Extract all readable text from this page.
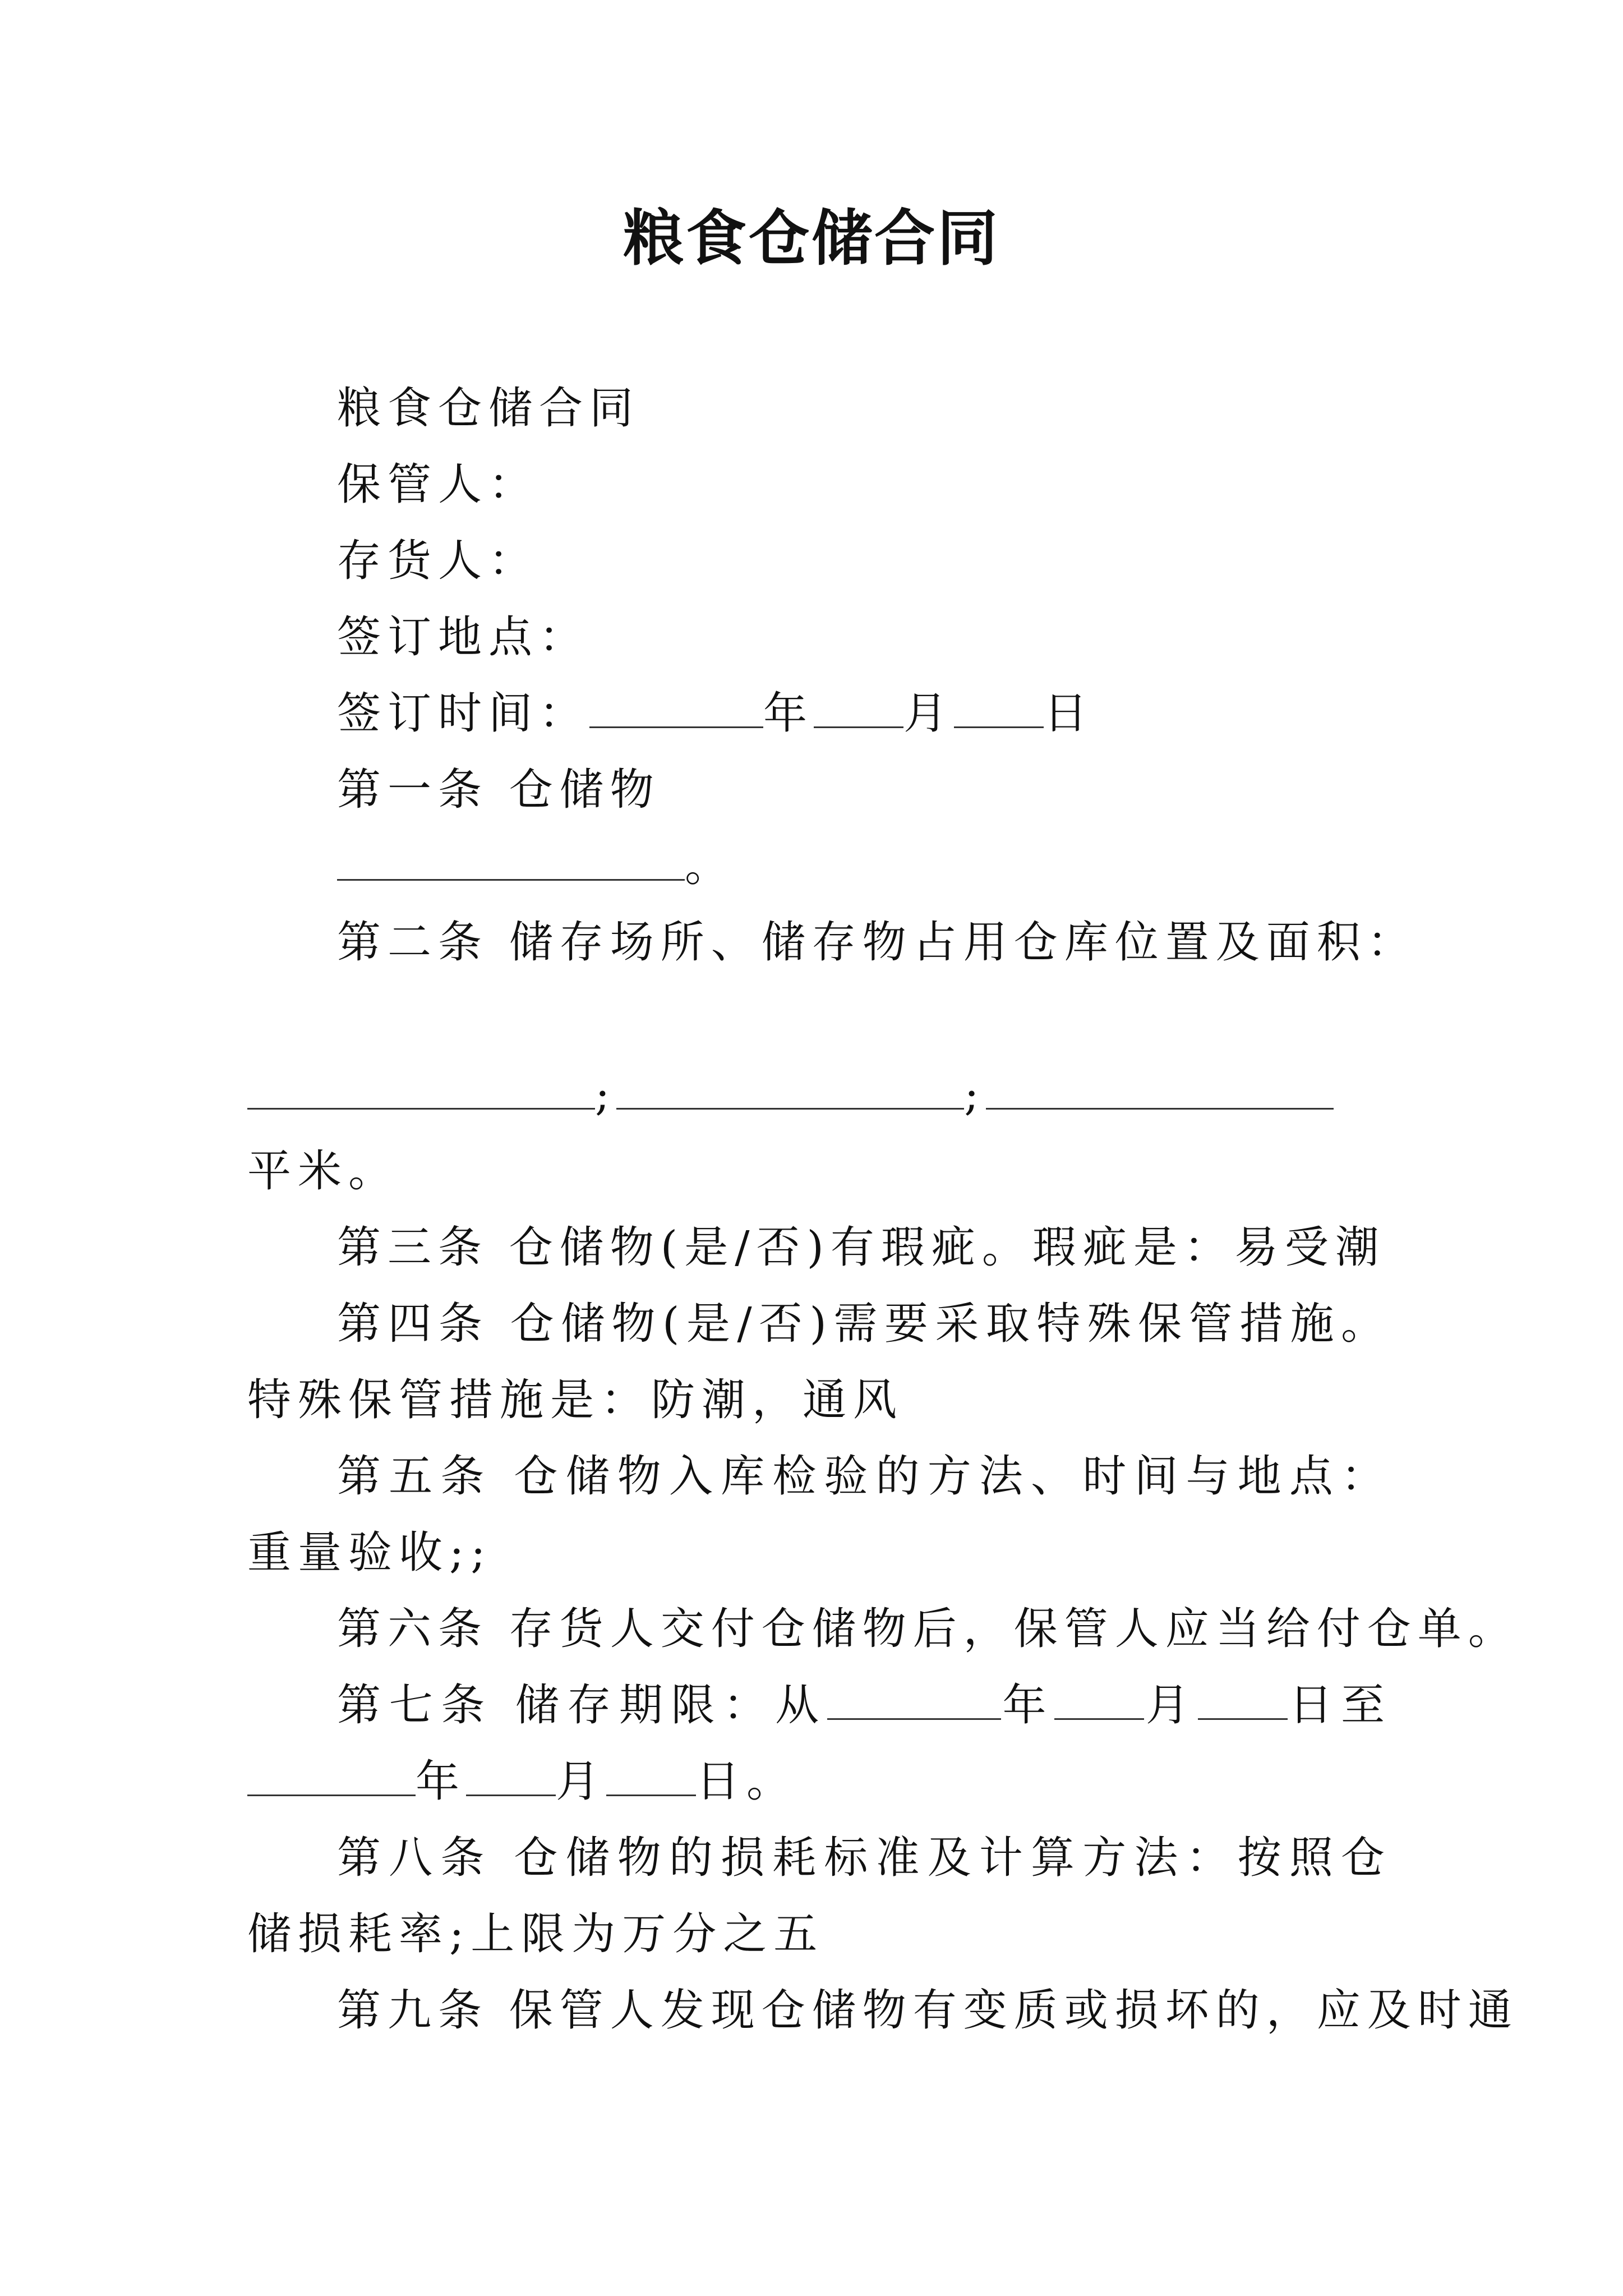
粮食仓储合同

粮食仓储合同

保管人：

存货人：

签订地点：

签订时间：	年 月 日

第一条 仓储物

。

第二条 储存场所、储存物占用仓库位置及面积：

;	;

平米。

第三条 仓储物(是/否)有瑕疵。瑕疵是：易受潮

第四条 仓储物(是/否)需要采取特殊保管措施。特殊保管措施是：防潮，通风

第五条 仓储物入库检验的方法、时间与地点：重量验收;;

第六条 存货人交付仓储物后，保管人应当给付仓单。

第七条 储存期限：从	年 月 日至年 月 日。

第八条 仓储物的损耗标准及计算方法：按照仓储损耗率;上限为万分之五

第九条 保管人发现仓储物有变质或损坏的，应及时通
